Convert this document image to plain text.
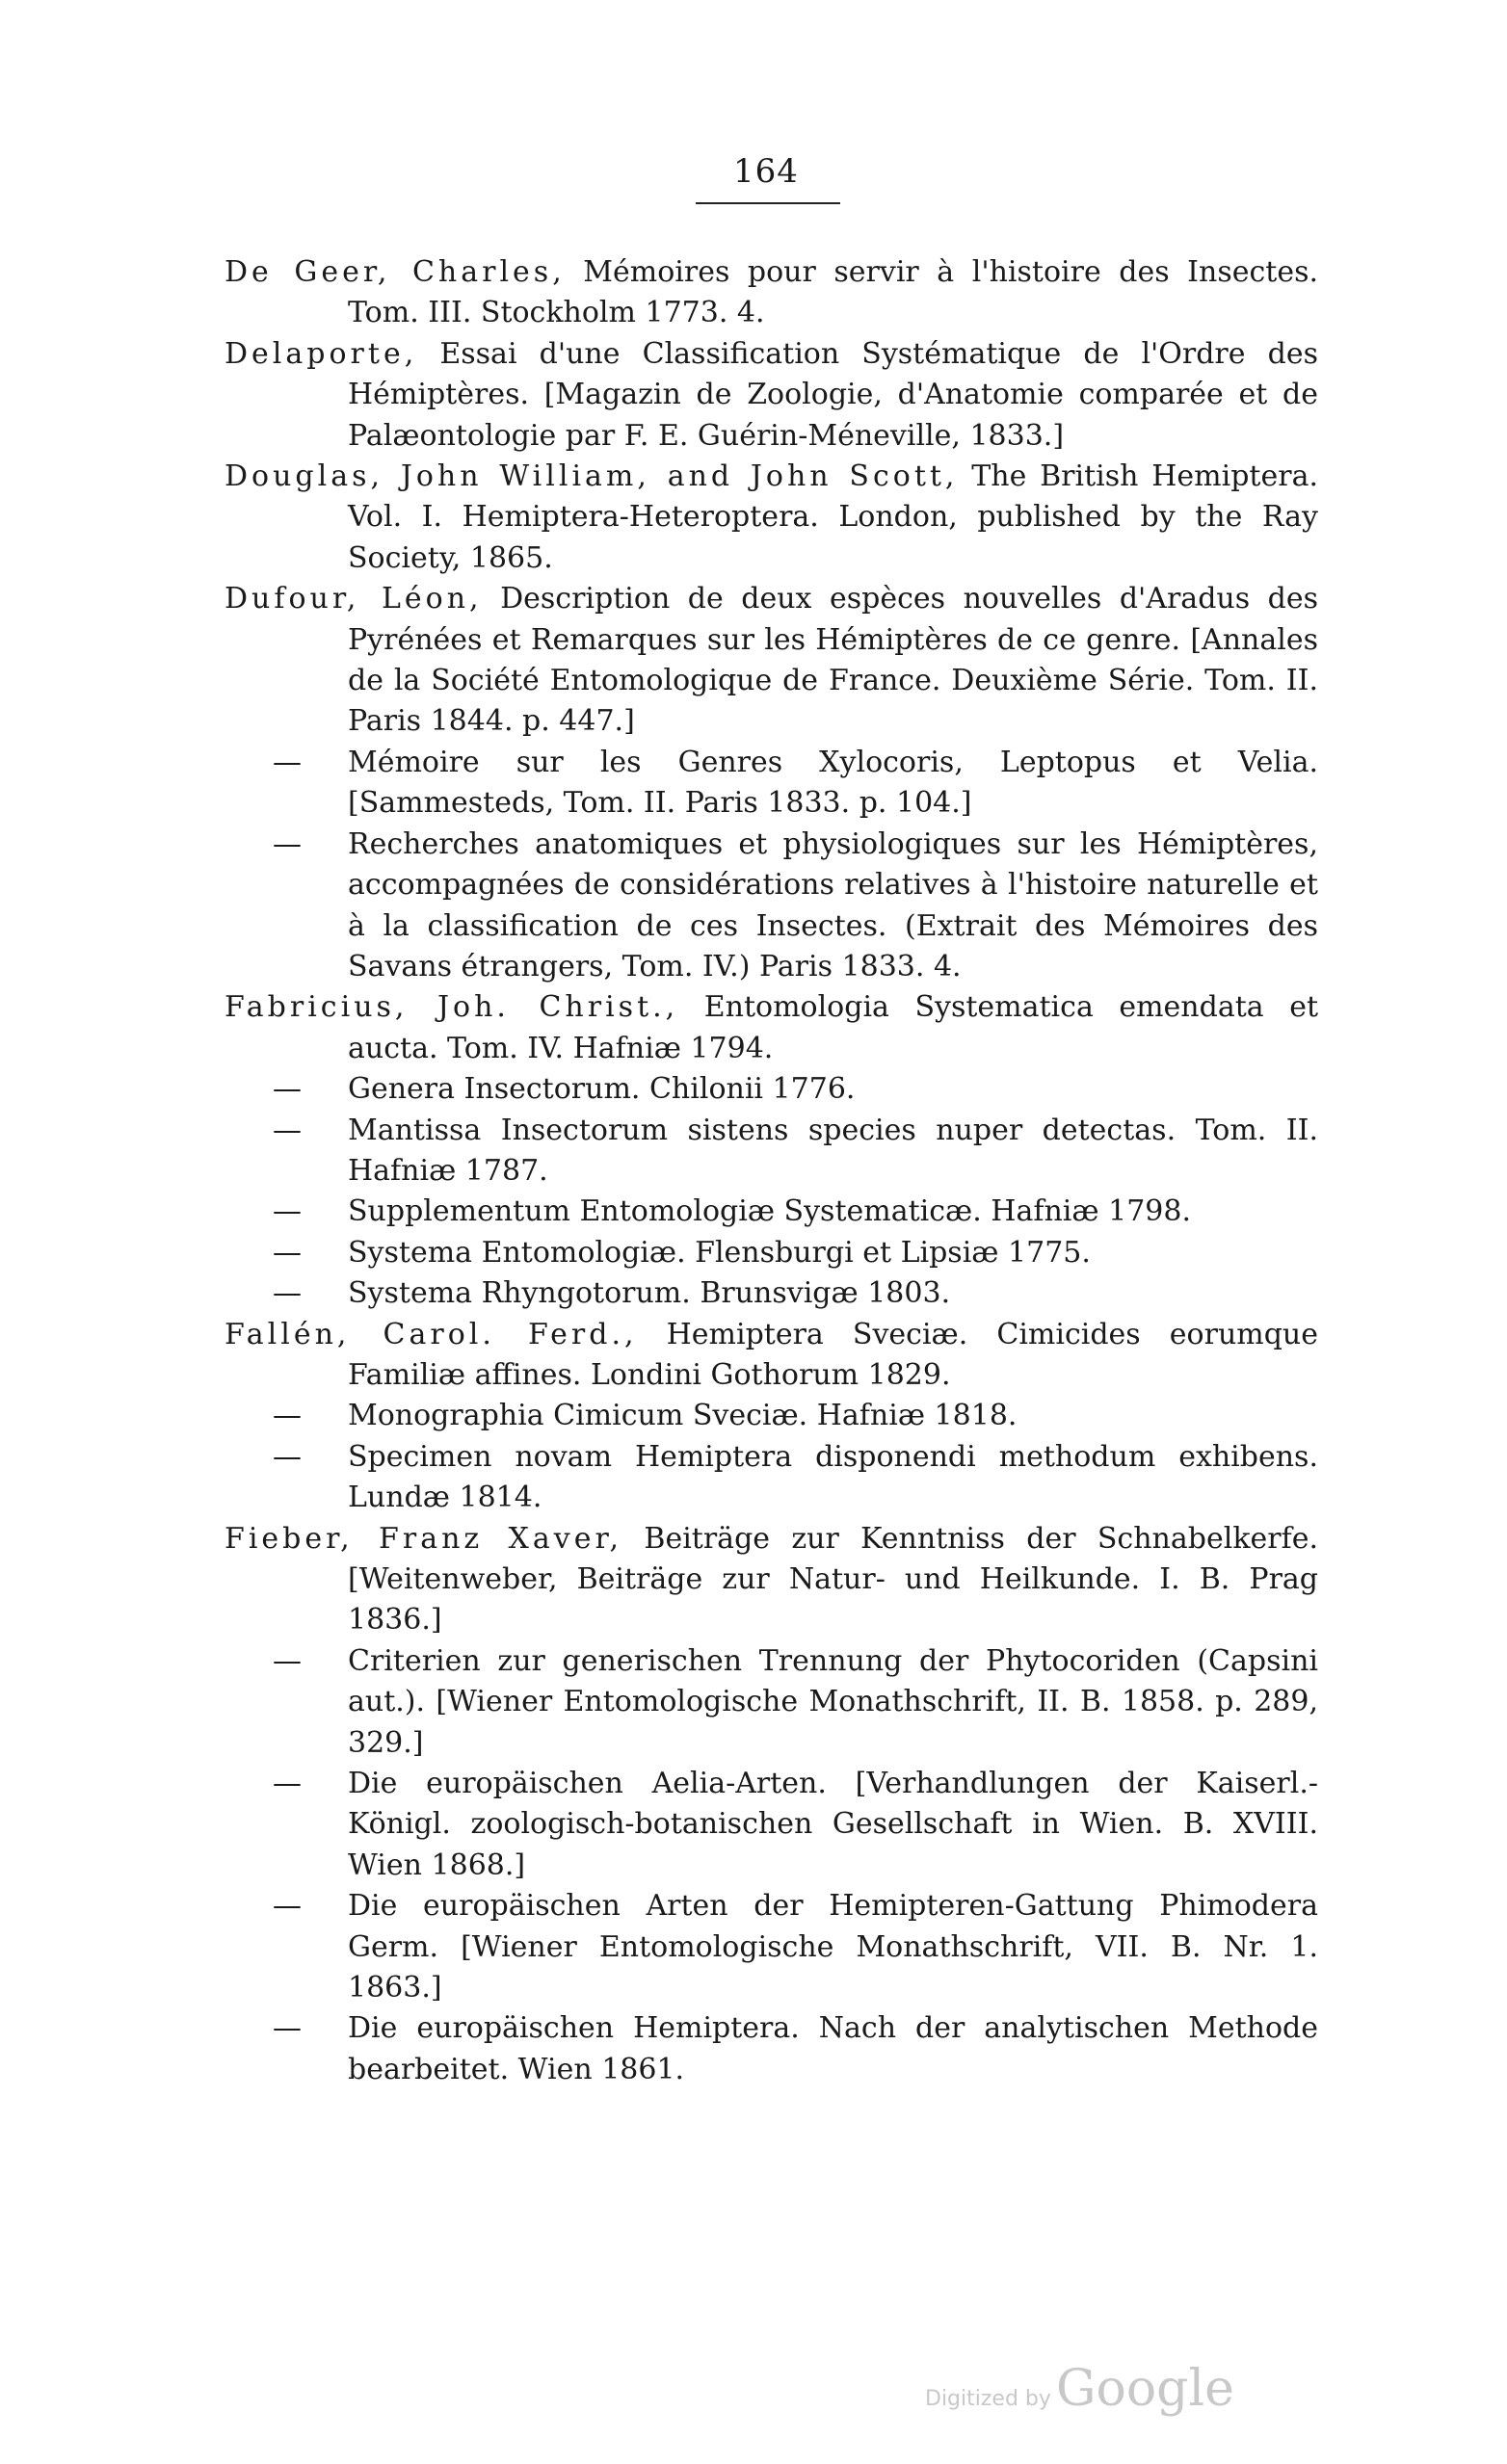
164

De Geer, Charles, Mémoires pour servir à l'histoire des Insectes. Tom. III. Stockholm 1773. 4.

Delaporte, Essai d'une Classification Systématique de l'Ordre des Hémiptères. [Magazin de Zoologie, d'Anatomie comparée et de Palæontologie par F. E. Guérin-Méneville, 1833.]

Douglas, John William, and John Scott, The British Hemiptera. Vol. I. Hemiptera-Heteroptera. London, published by the Ray Society, 1865.

Dufour, Léon, Description de deux espèces nouvelles d'Aradus des Pyrénées et Remarques sur les Hémiptères de ce genre. [Annales de la Société Entomologique de France. Deuxième Série. Tom. II. Paris 1844. p. 447.]

—	Mémoire sur les Genres Xylocoris, Leptopus et Velia. [Sammesteds, Tom. II. Paris 1833. p. 104.]

—	Recherches anatomiques et physiologiques sur les Hémiptères, accompagnées de considérations relatives à l'histoire naturelle et à la classification de ces Insectes. (Extrait des Mémoires des Savans étrangers, Tom. IV.) Paris 1833. 4.

Fabricius, Joh. Christ., Entomologia Systematica emendata et aucta. Tom. IV. Hafniæ 1794.

—	Genera Insectorum. Chilonii 1776.

—	Mantissa Insectorum sistens species nuper detectas. Tom. II. Hafniæ 1787.

—	Supplementum Entomologiæ Systematicæ. Hafniæ 1798.

—	Systema Entomologiæ. Flensburgi et Lipsiæ 1775.

—	Systema Rhyngotorum. Brunsvigæ 1803.

Fallén, Carol. Ferd., Hemiptera Sveciæ. Cimicides eorumque Familiæ affines. Londini Gothorum 1829.

—	Monographia Cimicum Sveciæ. Hafniæ 1818.

—	Specimen novam Hemiptera disponendi methodum exhibens. Lundæ 1814.

Fieber, Franz Xaver, Beiträge zur Kenntniss der Schnabelkerfe. [Weitenweber, Beiträge zur Natur- und Heilkunde. I. B. Prag 1836.]

—	Criterien zur generischen Trennung der Phytocoriden (Capsini aut.). [Wiener Entomologische Monathschrift, II. B. 1858. p. 289, 329.]

—	Die europäischen Aelia-Arten. [Verhandlungen der Kaiserl.-Königl. zoologisch-botanischen Gesellschaft in Wien. B. XVIII. Wien 1868.]

—	Die europäischen Arten der Hemipteren-Gattung Phimodera Germ. [Wiener Entomologische Monathschrift, VII. B. Nr. 1. 1863.]

—	Die europäischen Hemiptera. Nach der analytischen Methode bearbeitet. Wien 1861.

Digitized by Google
